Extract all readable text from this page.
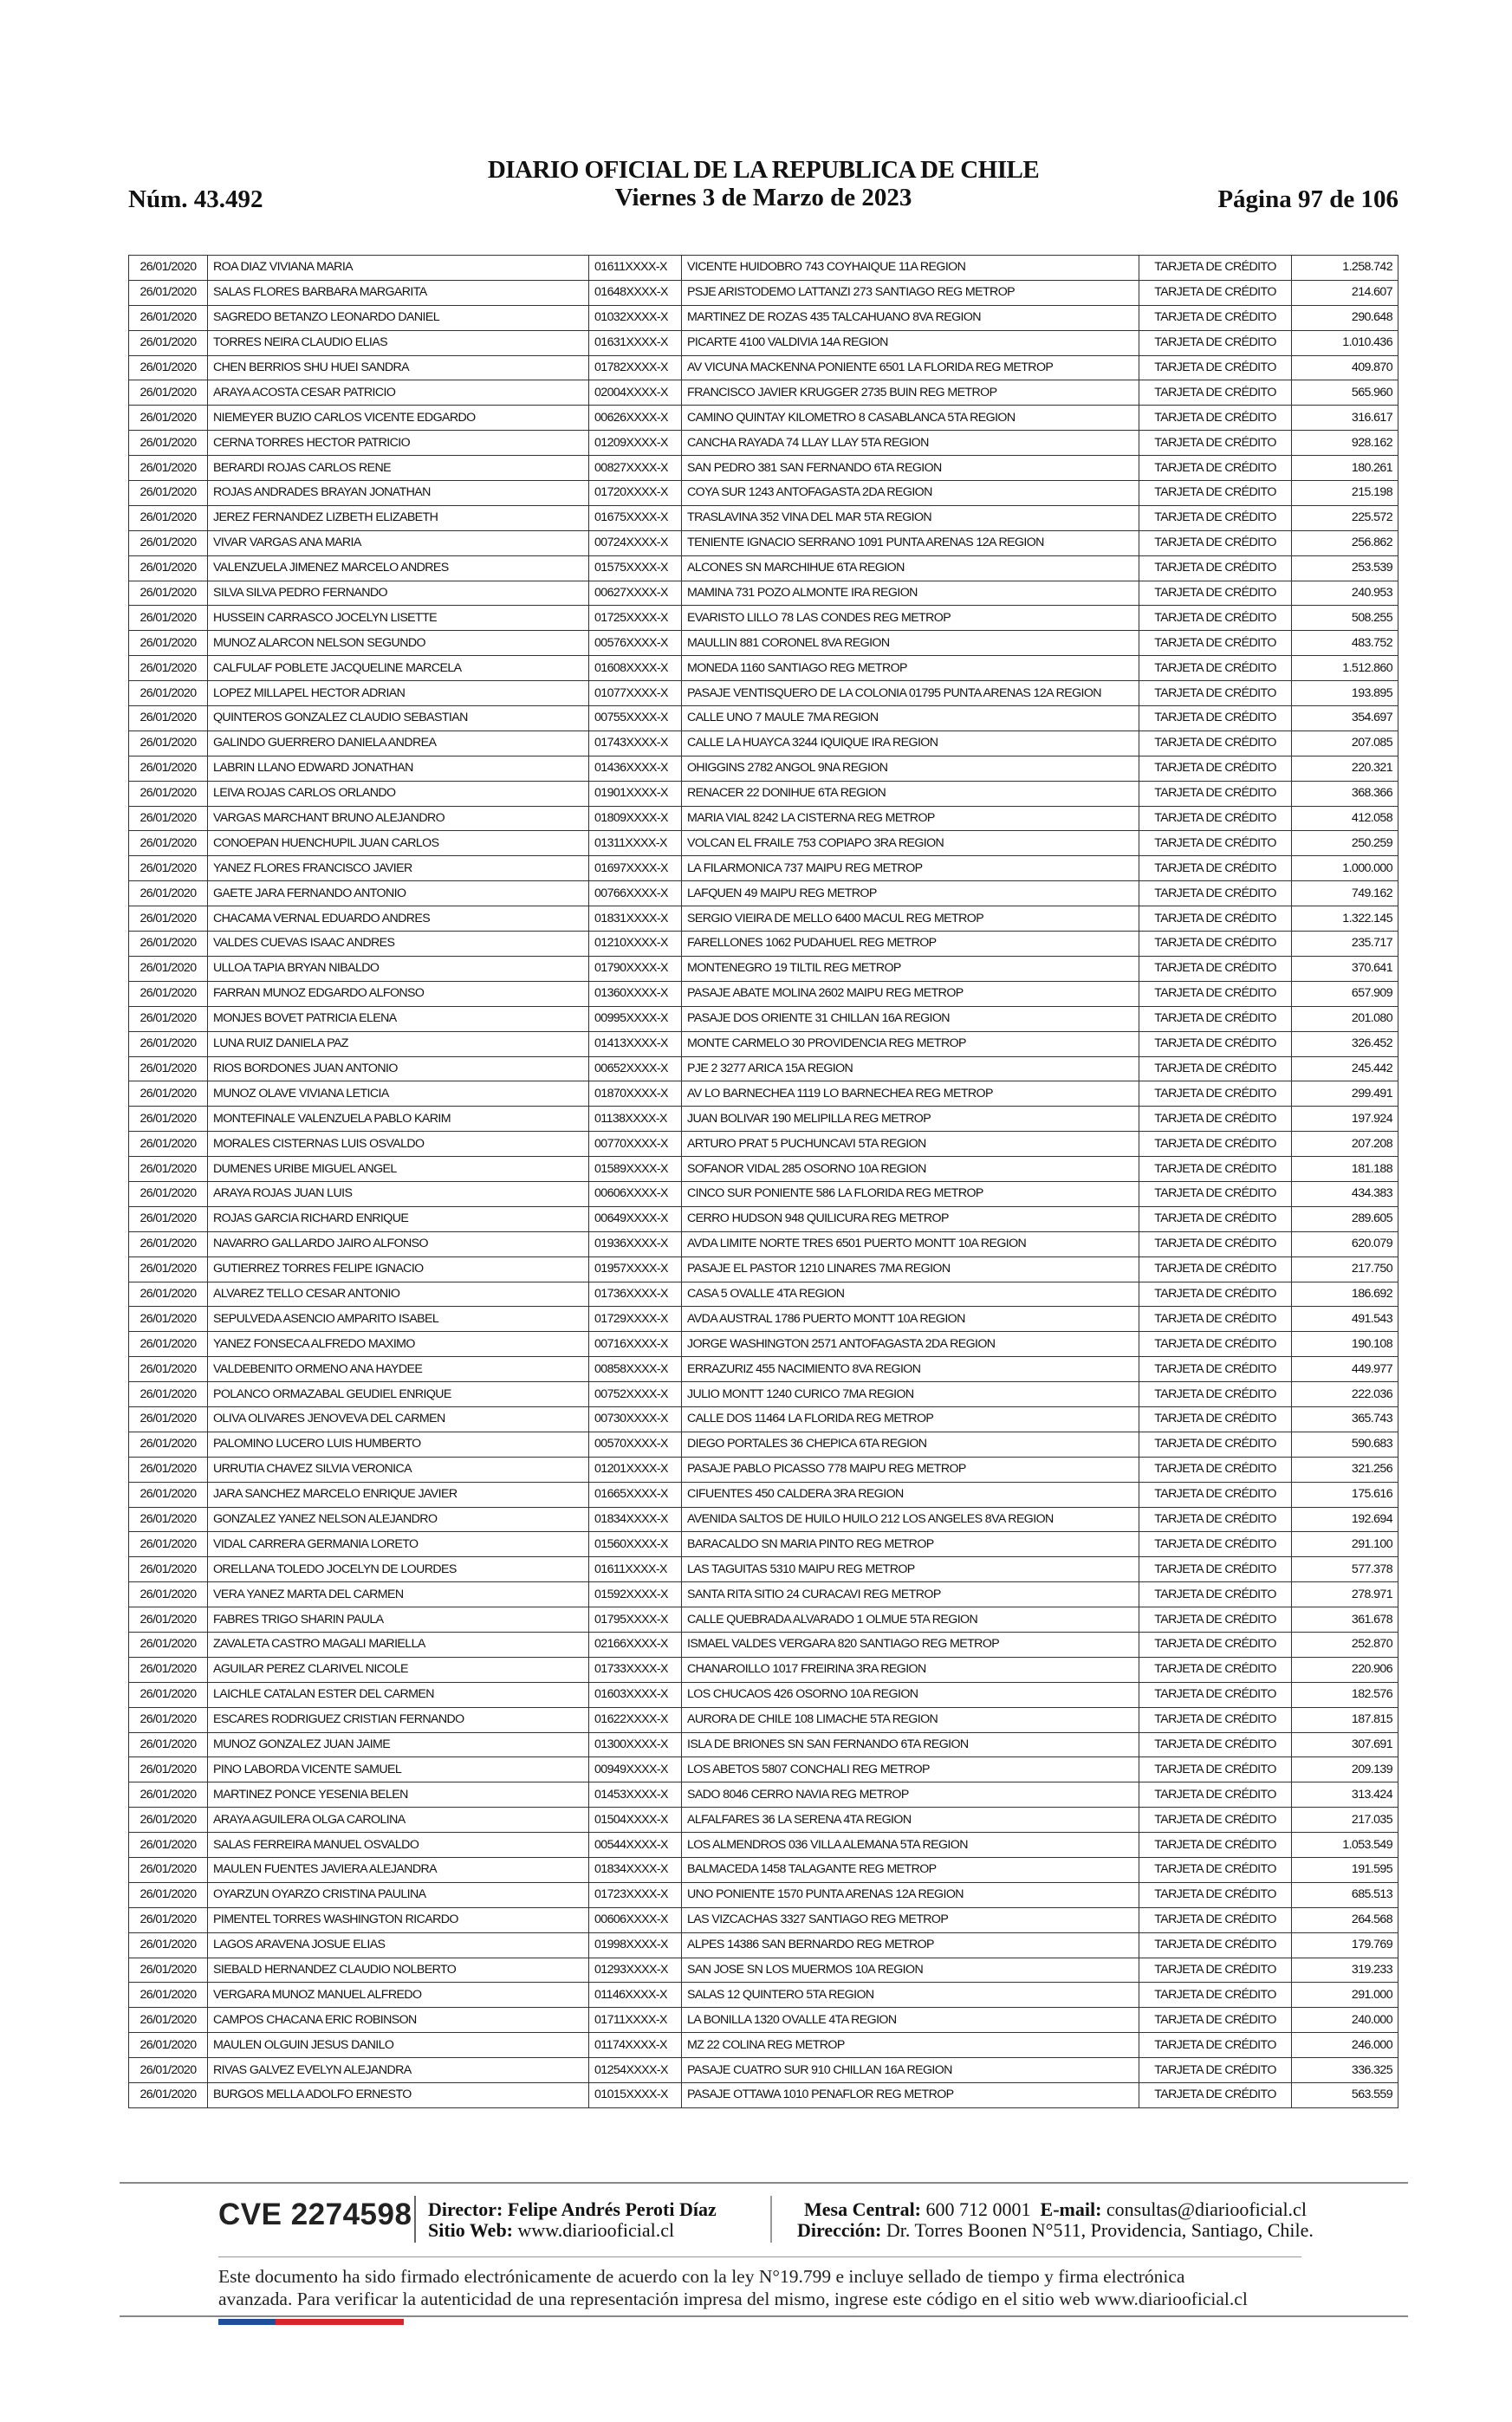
DIARIO OFICIAL DE LA REPUBLICA DE CHILE
Viernes 3 de Marzo de 2023
Núm. 43.492	Página 97 de 106
26/01/2020	ROA DIAZ VIVIANA MARIA	01611XXXX-X	VICENTE HUIDOBRO 743 COYHAIQUE 11A REGION	TARJETA DE CRÉDITO	1.258.742
26/01/2020	SALAS FLORES BARBARA MARGARITA	01648XXXX-X	PSJE ARISTODEMO LATTANZI 273 SANTIAGO REG METROP	TARJETA DE CRÉDITO	214.607
26/01/2020	SAGREDO BETANZO LEONARDO DANIEL	01032XXXX-X	MARTINEZ DE ROZAS 435 TALCAHUANO 8VA REGION	TARJETA DE CRÉDITO	290.648
26/01/2020	TORRES NEIRA CLAUDIO ELIAS	01631XXXX-X	PICARTE 4100 VALDIVIA 14A REGION	TARJETA DE CRÉDITO	1.010.436
26/01/2020	CHEN BERRIOS SHU HUEI SANDRA	01782XXXX-X	AV VICUNA MACKENNA PONIENTE 6501 LA FLORIDA REG METROP	TARJETA DE CRÉDITO	409.870
26/01/2020	ARAYA ACOSTA CESAR PATRICIO	02004XXXX-X	FRANCISCO JAVIER KRUGGER 2735 BUIN REG METROP	TARJETA DE CRÉDITO	565.960
26/01/2020	NIEMEYER BUZIO CARLOS VICENTE EDGARDO	00626XXXX-X	CAMINO QUINTAY KILOMETRO 8 CASABLANCA 5TA REGION	TARJETA DE CRÉDITO	316.617
26/01/2020	CERNA TORRES HECTOR PATRICIO	01209XXXX-X	CANCHA RAYADA 74 LLAY LLAY 5TA REGION	TARJETA DE CRÉDITO	928.162
26/01/2020	BERARDI ROJAS CARLOS RENE	00827XXXX-X	SAN PEDRO 381 SAN FERNANDO 6TA REGION	TARJETA DE CRÉDITO	180.261
26/01/2020	ROJAS ANDRADES BRAYAN JONATHAN	01720XXXX-X	COYA SUR 1243 ANTOFAGASTA 2DA REGION	TARJETA DE CRÉDITO	215.198
26/01/2020	JEREZ FERNANDEZ LIZBETH ELIZABETH	01675XXXX-X	TRASLAVINA 352 VINA DEL MAR 5TA REGION	TARJETA DE CRÉDITO	225.572
26/01/2020	VIVAR VARGAS ANA MARIA	00724XXXX-X	TENIENTE IGNACIO SERRANO 1091 PUNTA ARENAS 12A REGION	TARJETA DE CRÉDITO	256.862
26/01/2020	VALENZUELA JIMENEZ MARCELO ANDRES	01575XXXX-X	ALCONES SN MARCHIHUE 6TA REGION	TARJETA DE CRÉDITO	253.539
26/01/2020	SILVA SILVA PEDRO FERNANDO	00627XXXX-X	MAMINA 731 POZO ALMONTE IRA REGION	TARJETA DE CRÉDITO	240.953
26/01/2020	HUSSEIN CARRASCO JOCELYN LISETTE	01725XXXX-X	EVARISTO LILLO 78 LAS CONDES REG METROP	TARJETA DE CRÉDITO	508.255
26/01/2020	MUNOZ ALARCON NELSON SEGUNDO	00576XXXX-X	MAULLIN 881 CORONEL 8VA REGION	TARJETA DE CRÉDITO	483.752
26/01/2020	CALFULAF POBLETE JACQUELINE MARCELA	01608XXXX-X	MONEDA 1160 SANTIAGO REG METROP	TARJETA DE CRÉDITO	1.512.860
26/01/2020	LOPEZ MILLAPEL HECTOR ADRIAN	01077XXXX-X	PASAJE VENTISQUERO DE LA COLONIA 01795 PUNTA ARENAS 12A REGION	TARJETA DE CRÉDITO	193.895
26/01/2020	QUINTEROS GONZALEZ CLAUDIO SEBASTIAN	00755XXXX-X	CALLE UNO 7 MAULE 7MA REGION	TARJETA DE CRÉDITO	354.697
26/01/2020	GALINDO GUERRERO DANIELA ANDREA	01743XXXX-X	CALLE LA HUAYCA 3244 IQUIQUE IRA REGION	TARJETA DE CRÉDITO	207.085
26/01/2020	LABRIN LLANO EDWARD JONATHAN	01436XXXX-X	OHIGGINS 2782 ANGOL 9NA REGION	TARJETA DE CRÉDITO	220.321
26/01/2020	LEIVA ROJAS CARLOS ORLANDO	01901XXXX-X	RENACER 22 DONIHUE 6TA REGION	TARJETA DE CRÉDITO	368.366
26/01/2020	VARGAS MARCHANT BRUNO ALEJANDRO	01809XXXX-X	MARIA VIAL 8242 LA CISTERNA REG METROP	TARJETA DE CRÉDITO	412.058
26/01/2020	CONOEPAN HUENCHUPIL JUAN CARLOS	01311XXXX-X	VOLCAN EL FRAILE 753 COPIAPO 3RA REGION	TARJETA DE CRÉDITO	250.259
26/01/2020	YANEZ FLORES FRANCISCO JAVIER	01697XXXX-X	LA FILARMONICA 737 MAIPU REG METROP	TARJETA DE CRÉDITO	1.000.000
26/01/2020	GAETE JARA FERNANDO ANTONIO	00766XXXX-X	LAFQUEN 49 MAIPU REG METROP	TARJETA DE CRÉDITO	749.162
26/01/2020	CHACAMA VERNAL EDUARDO ANDRES	01831XXXX-X	SERGIO VIEIRA DE MELLO 6400 MACUL REG METROP	TARJETA DE CRÉDITO	1.322.145
26/01/2020	VALDES CUEVAS ISAAC ANDRES	01210XXXX-X	FARELLONES 1062 PUDAHUEL REG METROP	TARJETA DE CRÉDITO	235.717
26/01/2020	ULLOA TAPIA BRYAN NIBALDO	01790XXXX-X	MONTENEGRO 19 TILTIL REG METROP	TARJETA DE CRÉDITO	370.641
26/01/2020	FARRAN MUNOZ EDGARDO ALFONSO	01360XXXX-X	PASAJE ABATE MOLINA 2602 MAIPU REG METROP	TARJETA DE CRÉDITO	657.909
26/01/2020	MONJES BOVET PATRICIA ELENA	00995XXXX-X	PASAJE DOS ORIENTE 31 CHILLAN 16A REGION	TARJETA DE CRÉDITO	201.080
26/01/2020	LUNA RUIZ DANIELA PAZ	01413XXXX-X	MONTE CARMELO 30 PROVIDENCIA REG METROP	TARJETA DE CRÉDITO	326.452
26/01/2020	RIOS BORDONES JUAN ANTONIO	00652XXXX-X	PJE 2 3277 ARICA 15A REGION	TARJETA DE CRÉDITO	245.442
26/01/2020	MUNOZ OLAVE VIVIANA LETICIA	01870XXXX-X	AV LO BARNECHEA 1119 LO BARNECHEA REG METROP	TARJETA DE CRÉDITO	299.491
26/01/2020	MONTEFINALE VALENZUELA PABLO KARIM	01138XXXX-X	JUAN BOLIVAR 190 MELIPILLA REG METROP	TARJETA DE CRÉDITO	197.924
26/01/2020	MORALES CISTERNAS LUIS OSVALDO	00770XXXX-X	ARTURO PRAT 5 PUCHUNCAVI 5TA REGION	TARJETA DE CRÉDITO	207.208
26/01/2020	DUMENES URIBE MIGUEL ANGEL	01589XXXX-X	SOFANOR VIDAL 285 OSORNO 10A REGION	TARJETA DE CRÉDITO	181.188
26/01/2020	ARAYA ROJAS JUAN LUIS	00606XXXX-X	CINCO SUR PONIENTE 586 LA FLORIDA REG METROP	TARJETA DE CRÉDITO	434.383
26/01/2020	ROJAS GARCIA RICHARD ENRIQUE	00649XXXX-X	CERRO HUDSON 948 QUILICURA REG METROP	TARJETA DE CRÉDITO	289.605
26/01/2020	NAVARRO GALLARDO JAIRO ALFONSO	01936XXXX-X	AVDA LIMITE NORTE TRES 6501 PUERTO MONTT 10A REGION	TARJETA DE CRÉDITO	620.079
26/01/2020	GUTIERREZ TORRES FELIPE IGNACIO	01957XXXX-X	PASAJE EL PASTOR 1210 LINARES 7MA REGION	TARJETA DE CRÉDITO	217.750
26/01/2020	ALVAREZ TELLO CESAR ANTONIO	01736XXXX-X	CASA 5 OVALLE 4TA REGION	TARJETA DE CRÉDITO	186.692
26/01/2020	SEPULVEDA ASENCIO AMPARITO ISABEL	01729XXXX-X	AVDA AUSTRAL 1786 PUERTO MONTT 10A REGION	TARJETA DE CRÉDITO	491.543
26/01/2020	YANEZ FONSECA ALFREDO MAXIMO	00716XXXX-X	JORGE WASHINGTON 2571 ANTOFAGASTA 2DA REGION	TARJETA DE CRÉDITO	190.108
26/01/2020	VALDEBENITO ORMENO ANA HAYDEE	00858XXXX-X	ERRAZURIZ 455 NACIMIENTO 8VA REGION	TARJETA DE CRÉDITO	449.977
26/01/2020	POLANCO ORMAZABAL GEUDIEL ENRIQUE	00752XXXX-X	JULIO MONTT 1240 CURICO 7MA REGION	TARJETA DE CRÉDITO	222.036
26/01/2020	OLIVA OLIVARES JENOVEVA DEL CARMEN	00730XXXX-X	CALLE DOS 11464 LA FLORIDA REG METROP	TARJETA DE CRÉDITO	365.743
26/01/2020	PALOMINO LUCERO LUIS HUMBERTO	00570XXXX-X	DIEGO PORTALES 36 CHEPICA 6TA REGION	TARJETA DE CRÉDITO	590.683
26/01/2020	URRUTIA CHAVEZ SILVIA VERONICA	01201XXXX-X	PASAJE PABLO PICASSO 778 MAIPU REG METROP	TARJETA DE CRÉDITO	321.256
26/01/2020	JARA SANCHEZ MARCELO ENRIQUE JAVIER	01665XXXX-X	CIFUENTES 450 CALDERA 3RA REGION	TARJETA DE CRÉDITO	175.616
26/01/2020	GONZALEZ YANEZ NELSON ALEJANDRO	01834XXXX-X	AVENIDA SALTOS DE HUILO HUILO 212 LOS ANGELES 8VA REGION	TARJETA DE CRÉDITO	192.694
26/01/2020	VIDAL CARRERA GERMANIA LORETO	01560XXXX-X	BARACALDO SN MARIA PINTO REG METROP	TARJETA DE CRÉDITO	291.100
26/01/2020	ORELLANA TOLEDO JOCELYN DE LOURDES	01611XXXX-X	LAS TAGUITAS 5310 MAIPU REG METROP	TARJETA DE CRÉDITO	577.378
26/01/2020	VERA YANEZ MARTA DEL CARMEN	01592XXXX-X	SANTA RITA SITIO 24 CURACAVI REG METROP	TARJETA DE CRÉDITO	278.971
26/01/2020	FABRES TRIGO SHARIN PAULA	01795XXXX-X	CALLE QUEBRADA ALVARADO 1 OLMUE 5TA REGION	TARJETA DE CRÉDITO	361.678
26/01/2020	ZAVALETA CASTRO MAGALI MARIELLA	02166XXXX-X	ISMAEL VALDES VERGARA 820 SANTIAGO REG METROP	TARJETA DE CRÉDITO	252.870
26/01/2020	AGUILAR PEREZ CLARIVEL NICOLE	01733XXXX-X	CHANAROILLO 1017 FREIRINA 3RA REGION	TARJETA DE CRÉDITO	220.906
26/01/2020	LAICHLE CATALAN ESTER DEL CARMEN	01603XXXX-X	LOS CHUCAOS 426 OSORNO 10A REGION	TARJETA DE CRÉDITO	182.576
26/01/2020	ESCARES RODRIGUEZ CRISTIAN FERNANDO	01622XXXX-X	AURORA DE CHILE 108 LIMACHE 5TA REGION	TARJETA DE CRÉDITO	187.815
26/01/2020	MUNOZ GONZALEZ JUAN JAIME	01300XXXX-X	ISLA DE BRIONES SN SAN FERNANDO 6TA REGION	TARJETA DE CRÉDITO	307.691
26/01/2020	PINO LABORDA VICENTE SAMUEL	00949XXXX-X	LOS ABETOS 5807 CONCHALI REG METROP	TARJETA DE CRÉDITO	209.139
26/01/2020	MARTINEZ PONCE YESENIA BELEN	01453XXXX-X	SADO 8046 CERRO NAVIA REG METROP	TARJETA DE CRÉDITO	313.424
26/01/2020	ARAYA AGUILERA OLGA CAROLINA	01504XXXX-X	ALFALFARES 36 LA SERENA 4TA REGION	TARJETA DE CRÉDITO	217.035
26/01/2020	SALAS FERREIRA MANUEL OSVALDO	00544XXXX-X	LOS ALMENDROS 036 VILLA ALEMANA 5TA REGION	TARJETA DE CRÉDITO	1.053.549
26/01/2020	MAULEN FUENTES JAVIERA ALEJANDRA	01834XXXX-X	BALMACEDA 1458 TALAGANTE REG METROP	TARJETA DE CRÉDITO	191.595
26/01/2020	OYARZUN OYARZO CRISTINA PAULINA	01723XXXX-X	UNO PONIENTE 1570 PUNTA ARENAS 12A REGION	TARJETA DE CRÉDITO	685.513
26/01/2020	PIMENTEL TORRES WASHINGTON RICARDO	00606XXXX-X	LAS VIZCACHAS 3327 SANTIAGO REG METROP	TARJETA DE CRÉDITO	264.568
26/01/2020	LAGOS ARAVENA JOSUE ELIAS	01998XXXX-X	ALPES 14386 SAN BERNARDO REG METROP	TARJETA DE CRÉDITO	179.769
26/01/2020	SIEBALD HERNANDEZ CLAUDIO NOLBERTO	01293XXXX-X	SAN JOSE SN LOS MUERMOS 10A REGION	TARJETA DE CRÉDITO	319.233
26/01/2020	VERGARA MUNOZ MANUEL ALFREDO	01146XXXX-X	SALAS 12 QUINTERO 5TA REGION	TARJETA DE CRÉDITO	291.000
26/01/2020	CAMPOS CHACANA ERIC ROBINSON	01711XXXX-X	LA BONILLA 1320 OVALLE 4TA REGION	TARJETA DE CRÉDITO	240.000
26/01/2020	MAULEN OLGUIN JESUS DANILO	01174XXXX-X	MZ 22 COLINA REG METROP	TARJETA DE CRÉDITO	246.000
26/01/2020	RIVAS GALVEZ EVELYN ALEJANDRA	01254XXXX-X	PASAJE CUATRO SUR 910 CHILLAN 16A REGION	TARJETA DE CRÉDITO	336.325
26/01/2020	BURGOS MELLA ADOLFO ERNESTO	01015XXXX-X	PASAJE OTTAWA 1010 PENAFLOR REG METROP	TARJETA DE CRÉDITO	563.559
CVE 2274598 Director: Felipe Andrés Peroti Díaz
Sitio Web: www.diariooficial.cl
Mesa Central: 600 712 0001 E-mail: consultas@diariooficial.cl
Dirección: Dr. Torres Boonen N°511, Providencia, Santiago, Chile.
Este documento ha sido firmado electrónicamente de acuerdo con la ley N°19.799 e incluye sellado de tiempo y firma electrónica
avanzada. Para verificar la autenticidad de una representación impresa del mismo, ingrese este código en el sitio web www.diariooficial.cl
